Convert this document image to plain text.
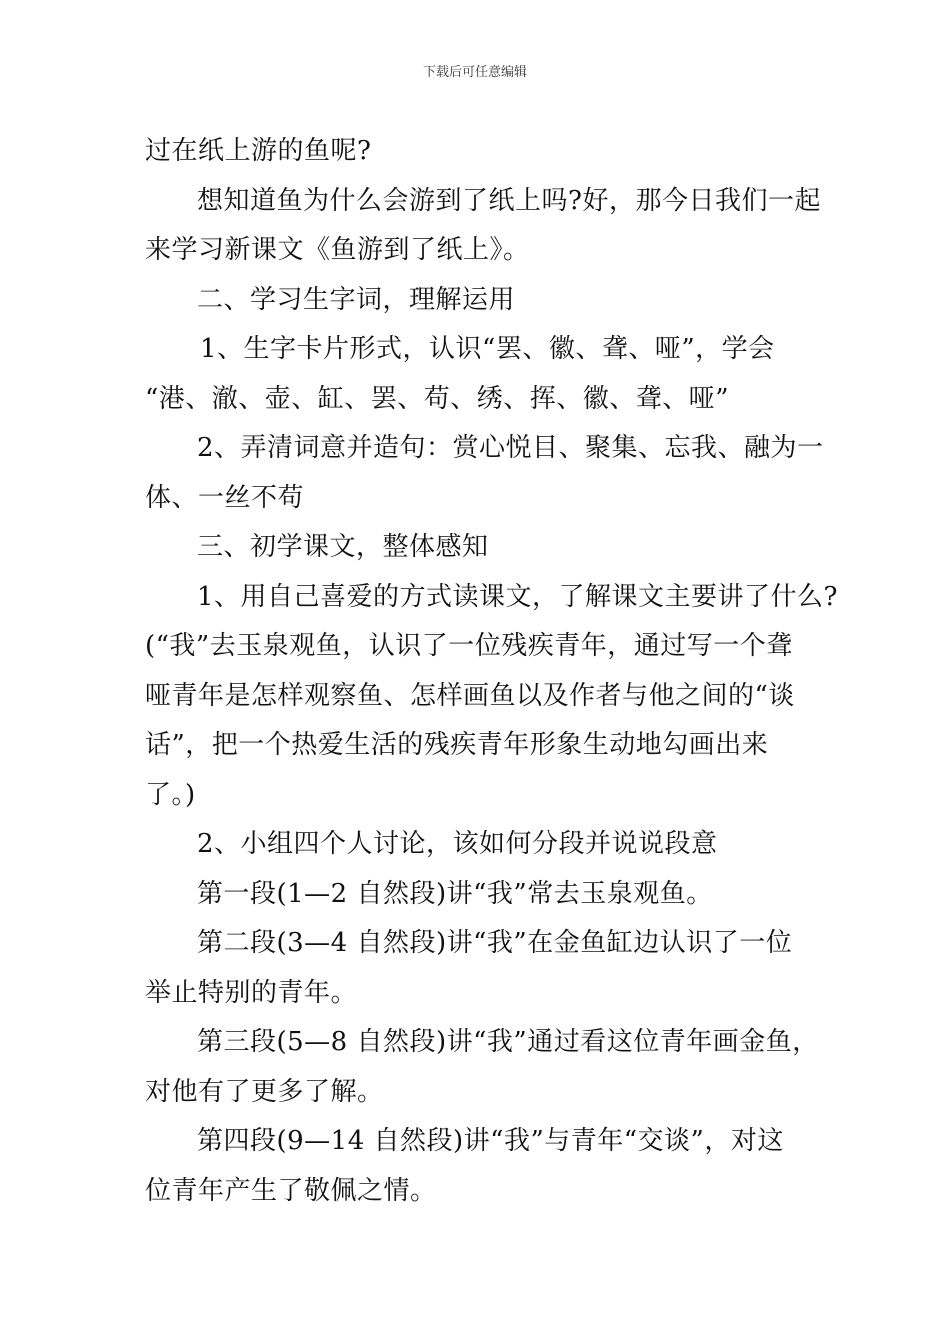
下载后可任意编辑
过在纸上游的鱼呢?
想知道鱼为什么会游到了纸上吗?好，那今日我们一起
来学习新课文《鱼游到了纸上》。
二、学习生字词，理解运用
1、生字卡片形式，认识“罢、徽、聋、哑”，学会
“港、澈、壶、缸、罢、苟、绣、挥、徽、聋、哑”
2、弄清词意并造句：赏心悦目、聚集、忘我、融为一
体、一丝不苟
三、初学课文，整体感知
1、用自己喜爱的方式读课文，了解课文主要讲了什么?
(“我”去玉泉观鱼，认识了一位残疾青年，通过写一个聋
哑青年是怎样观察鱼、怎样画鱼以及作者与他之间的“谈
话”，把一个热爱生活的残疾青年形象生动地勾画出来
了。)
2、小组四个人讨论，该如何分段并说说段意
第一段(1—2 自然段)讲“我”常去玉泉观鱼。
第二段(3—4 自然段)讲“我”在金鱼缸边认识了一位
举止特别的青年。
第三段(5—8 自然段)讲“我”通过看这位青年画金鱼，
对他有了更多了解。
第四段(9—14 自然段)讲“我”与青年“交谈”，对这
位青年产生了敬佩之情。
